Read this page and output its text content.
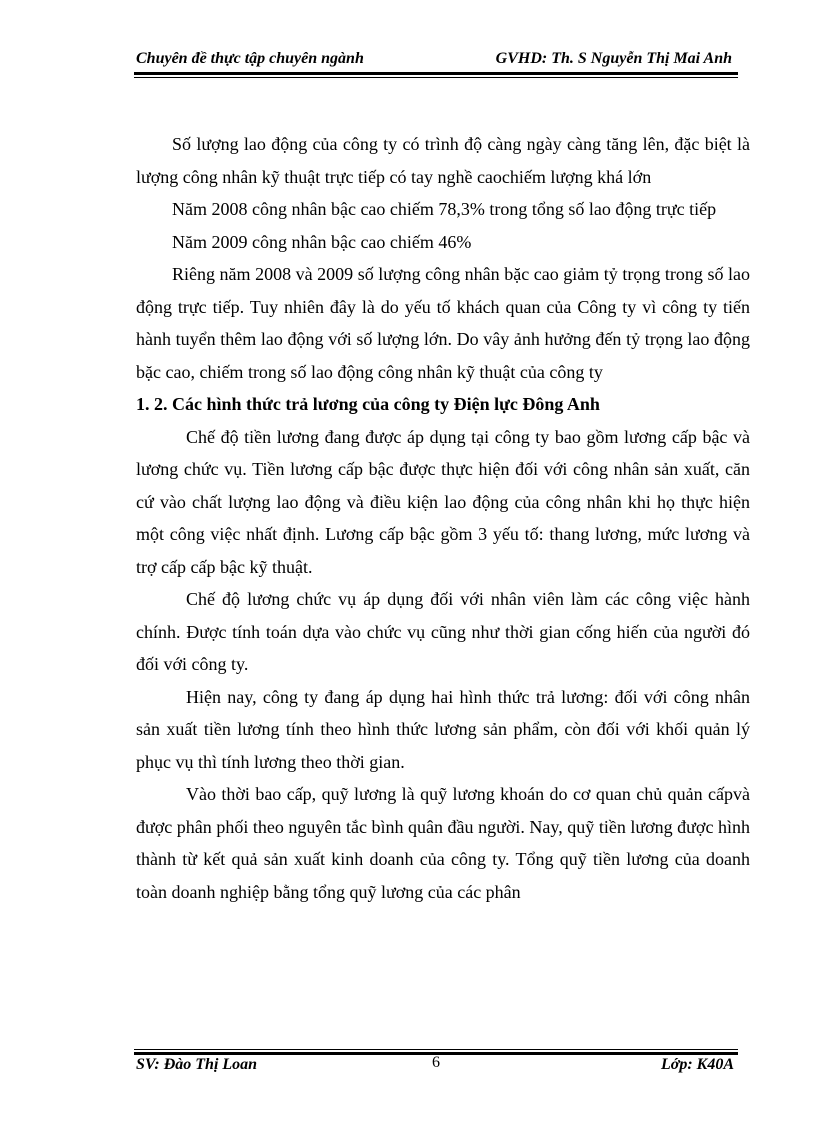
Chuyên đề thực tập chuyên ngành	GVHD: Th. S Nguyễn Thị Mai Anh

Số lượng lao động của công ty có trình độ càng ngày càng tăng lên, đặc biệt là lượng công nhân kỹ thuật trực tiếp có tay nghề caochiếm lượng khá lớn

Năm 2008 công nhân bậc cao chiếm 78,3% trong tổng số lao động trực tiếp

Năm 2009 công nhân bậc cao chiếm 46%

Riêng năm 2008 và 2009 số lượng công nhân bặc cao giảm tỷ trọng trong số lao động trực tiếp. Tuy nhiên đây là do yếu tố khách quan của Công ty vì công ty tiến hành tuyển thêm lao động với số lượng lớn. Do vây ảnh hưởng đến tỷ trọng lao động bặc cao, chiếm trong số lao động công nhân kỹ thuật của công ty

1. 2. Các hình thức trả lương của công ty Điện lực Đông Anh

Chế độ tiền lương đang được áp dụng tại công ty bao gồm lương cấp bậc và lương chức vụ. Tiền lương cấp bậc được thực hiện đối với công nhân sản xuất, căn cứ vào chất lượng lao động và điều kiện lao động của công nhân khi họ thực hiện một công việc nhất định. Lương cấp bậc gồm 3 yếu tố: thang lương, mức lương và trợ cấp cấp bậc kỹ thuật.

Chế độ lương chức vụ áp dụng đối với nhân viên làm các công việc hành chính. Được tính toán dựa vào chức vụ cũng như thời gian cống hiến của người đó đối với công ty.

Hiện nay, công ty đang áp dụng hai hình thức trả lương: đối với công nhân sản xuất tiền lương tính theo hình thức lương sản phẩm, còn đối với khối quản lý phục vụ thì tính lương theo thời gian.

Vào thời bao cấp, quỹ lương là quỹ lương khoán do cơ quan chủ quản cấpvà được phân phối theo nguyên tắc bình quân đầu người. Nay, quỹ tiền lương được hình thành từ kết quả sản xuất kinh doanh của công ty. Tổng quỹ tiền lương của doanh toàn doanh nghiệp bằng tổng quỹ lương của các phân

SV: Đào Thị Loan	6	Lớp: K40A
